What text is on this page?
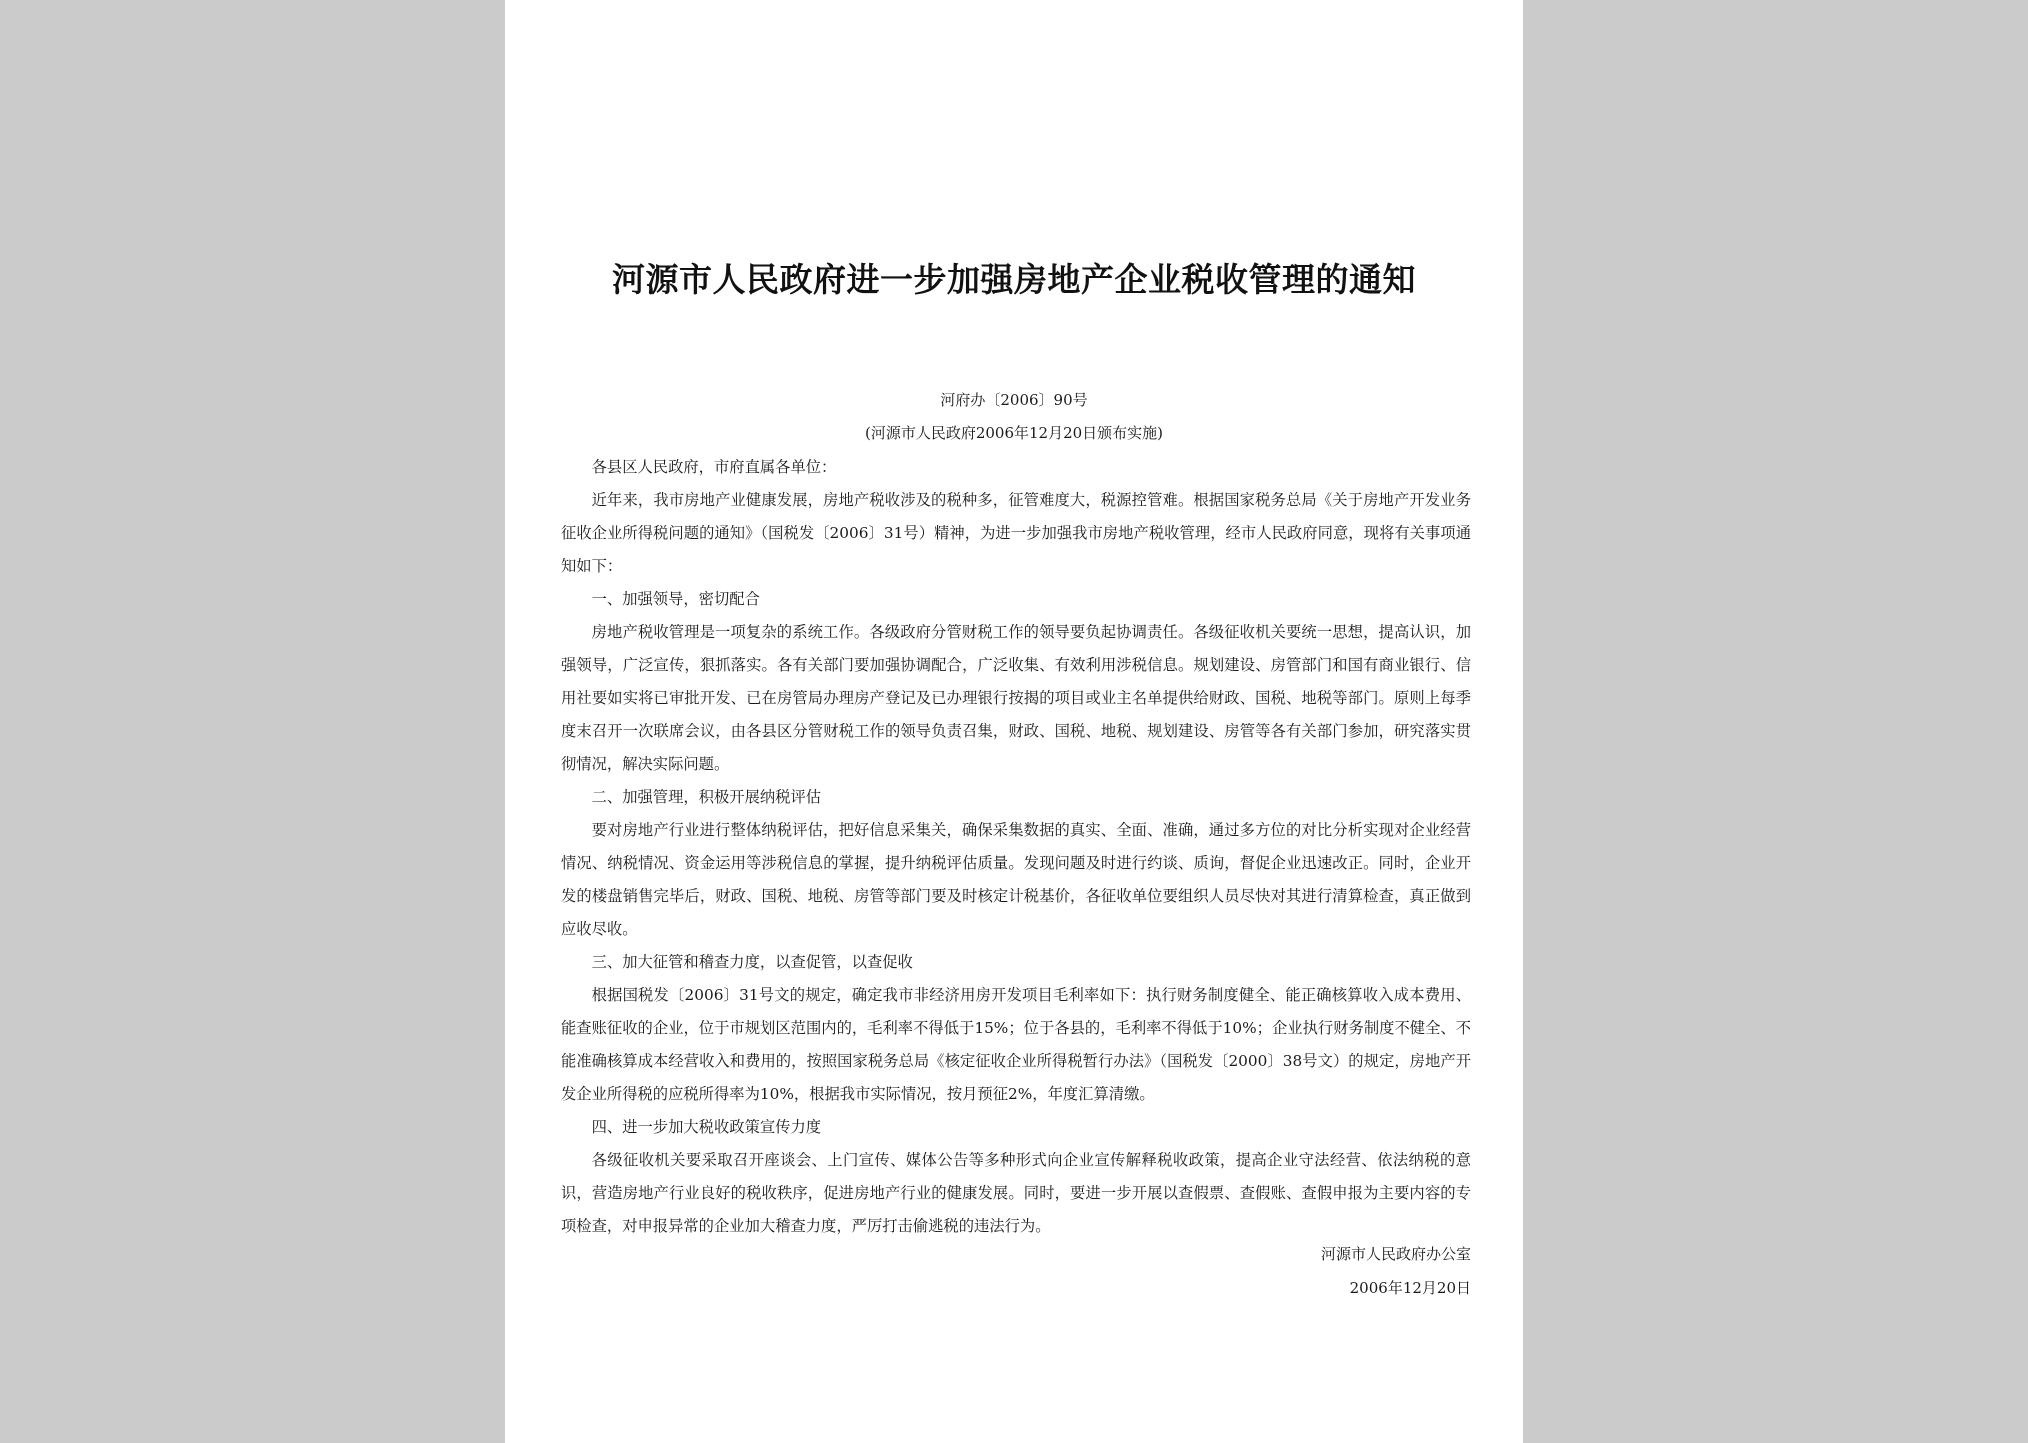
河源市人民政府进一步加强房地产企业税收管理的通知
河府办〔2006〕90号
(河源市人民政府2006年12月20日颁布实施)

各县区人民政府，市府直属各单位：

近年来，我市房地产业健康发展，房地产税收涉及的税种多，征管难度大，税源控管难。根据国家税务总局《关于房地产开发业务征收企业所得税问题的通知》（国税发〔2006〕31号）精神，为进一步加强我市房地产税收管理，经市人民政府同意，现将有关事项通知如下：

一、加强领导，密切配合

房地产税收管理是一项复杂的系统工作。各级政府分管财税工作的领导要负起协调责任。各级征收机关要统一思想，提高认识，加强领导，广泛宣传，狠抓落实。各有关部门要加强协调配合，广泛收集、有效利用涉税信息。规划建设、房管部门和国有商业银行、信用社要如实将已审批开发、已在房管局办理房产登记及已办理银行按揭的项目或业主名单提供给财政、国税、地税等部门。原则上每季度末召开一次联席会议，由各县区分管财税工作的领导负责召集，财政、国税、地税、规划建设、房管等各有关部门参加，研究落实贯彻情况，解决实际问题。

二、加强管理，积极开展纳税评估

要对房地产行业进行整体纳税评估，把好信息采集关，确保采集数据的真实、全面、准确，通过多方位的对比分析实现对企业经营情况、纳税情况、资金运用等涉税信息的掌握，提升纳税评估质量。发现问题及时进行约谈、质询，督促企业迅速改正。同时，企业开发的楼盘销售完毕后，财政、国税、地税、房管等部门要及时核定计税基价，各征收单位要组织人员尽快对其进行清算检查，真正做到应收尽收。

三、加大征管和稽查力度，以查促管，以查促收

根据国税发〔2006〕31号文的规定，确定我市非经济用房开发项目毛利率如下：执行财务制度健全、能正确核算收入成本费用、能查账征收的企业，位于市规划区范围内的，毛利率不得低于15%；位于各县的，毛利率不得低于10%；企业执行财务制度不健全、不能准确核算成本经营收入和费用的，按照国家税务总局《核定征收企业所得税暂行办法》（国税发〔2000〕38号文）的规定，房地产开发企业所得税的应税所得率为10%，根据我市实际情况，按月预征2%，年度汇算清缴。

四、进一步加大税收政策宣传力度

各级征收机关要采取召开座谈会、上门宣传、媒体公告等多种形式向企业宣传解释税收政策，提高企业守法经营、依法纳税的意识，营造房地产行业良好的税收秩序，促进房地产行业的健康发展。同时，要进一步开展以查假票、查假账、查假申报为主要内容的专项检查，对申报异常的企业加大稽查力度，严厉打击偷逃税的违法行为。

河源市人民政府办公室
2006年12月20日
